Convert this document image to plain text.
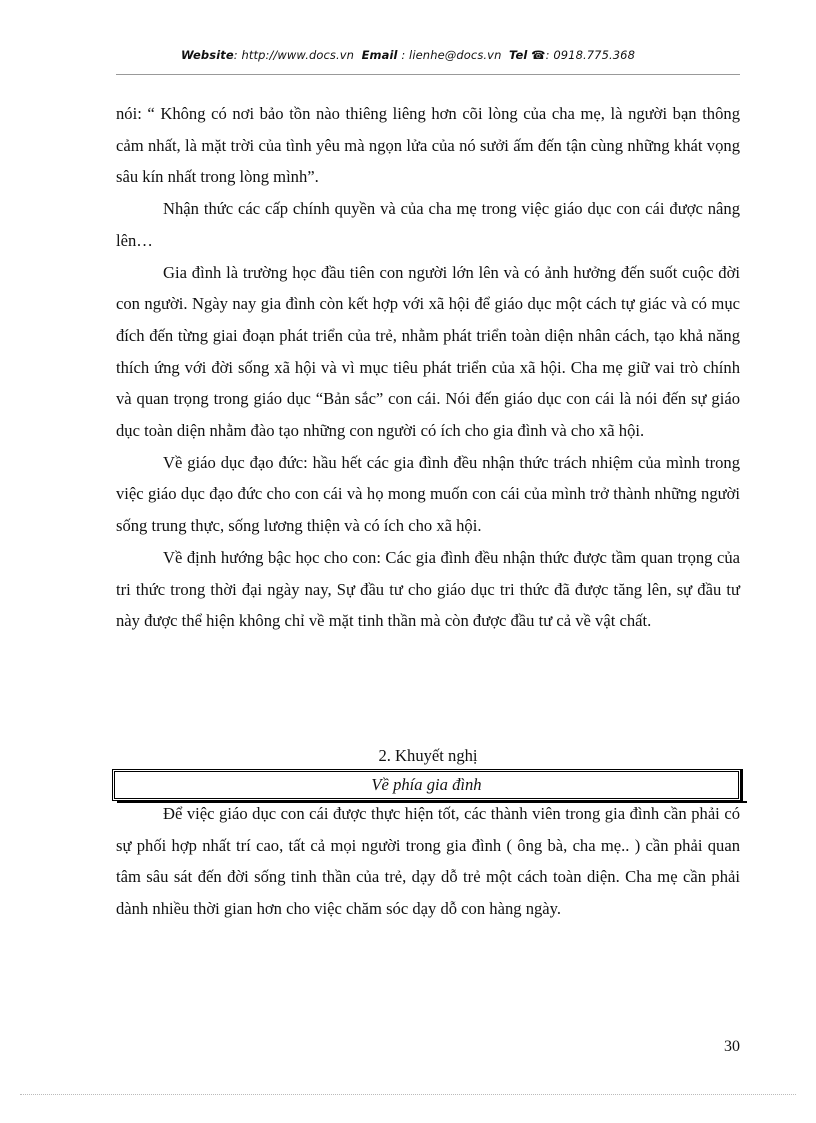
Website: http://www.docs.vn Email : lienhe@docs.vn Tel ☎: 0918.775.368

nói: “ Không có nơi bảo tồn nào thiêng liêng hơn cõi lòng của cha mẹ, là người bạn thông cảm nhất, là mặt trời của tình yêu mà ngọn lửa của nó sưởi ấm đến tận cùng những khát vọng sâu kín nhất trong lòng mình”.

Nhận thức các cấp chính quyền và của cha mẹ trong việc giáo dục con cái được nâng lên…

Gia đình là trường học đầu tiên con người lớn lên và có ảnh hưởng đến suốt cuộc đời con người. Ngày nay gia đình còn kết hợp với xã hội để giáo dục một cách tự giác và có mục đích đến từng giai đoạn phát triển của trẻ, nhằm phát triển toàn diện nhân cách, tạo khả năng thích ứng với đời sống xã hội và vì mục tiêu phát triển của xã hội. Cha mẹ giữ vai trò chính và quan trọng trong giáo dục “Bản sắc” con cái. Nói đến giáo dục con cái là nói đến sự giáo dục toàn diện nhằm đào tạo những con người có ích cho gia đình và cho xã hội.

Về giáo dục đạo đức: hầu hết các gia đình đều nhận thức trách nhiệm của mình trong việc giáo dục đạo đức cho con cái và họ mong muốn con cái của mình trở thành những người sống trung thực, sống lương thiện và có ích cho xã hội.

Về định hướng bậc học cho con: Các gia đình đều nhận thức được tầm quan trọng của tri thức trong thời đại ngày nay, Sự đầu tư cho giáo dục tri thức đã được tăng lên, sự đầu tư này được thể hiện không chỉ về mặt tinh thần mà còn được đầu tư cả về vật chất.

2. Khuyết nghị
Về phía gia đình

Để việc giáo dục con cái được thực hiện tốt, các thành viên trong gia đình cần phải có sự phối hợp nhất trí cao, tất cả mọi người trong gia đình ( ông bà, cha mẹ.. ) cần phải quan tâm sâu sát đến đời sống tinh thần của trẻ, dạy dỗ trẻ một cách toàn diện. Cha mẹ cần phải dành nhiều thời gian hơn cho việc chăm sóc dạy dỗ con hàng ngày.

30
